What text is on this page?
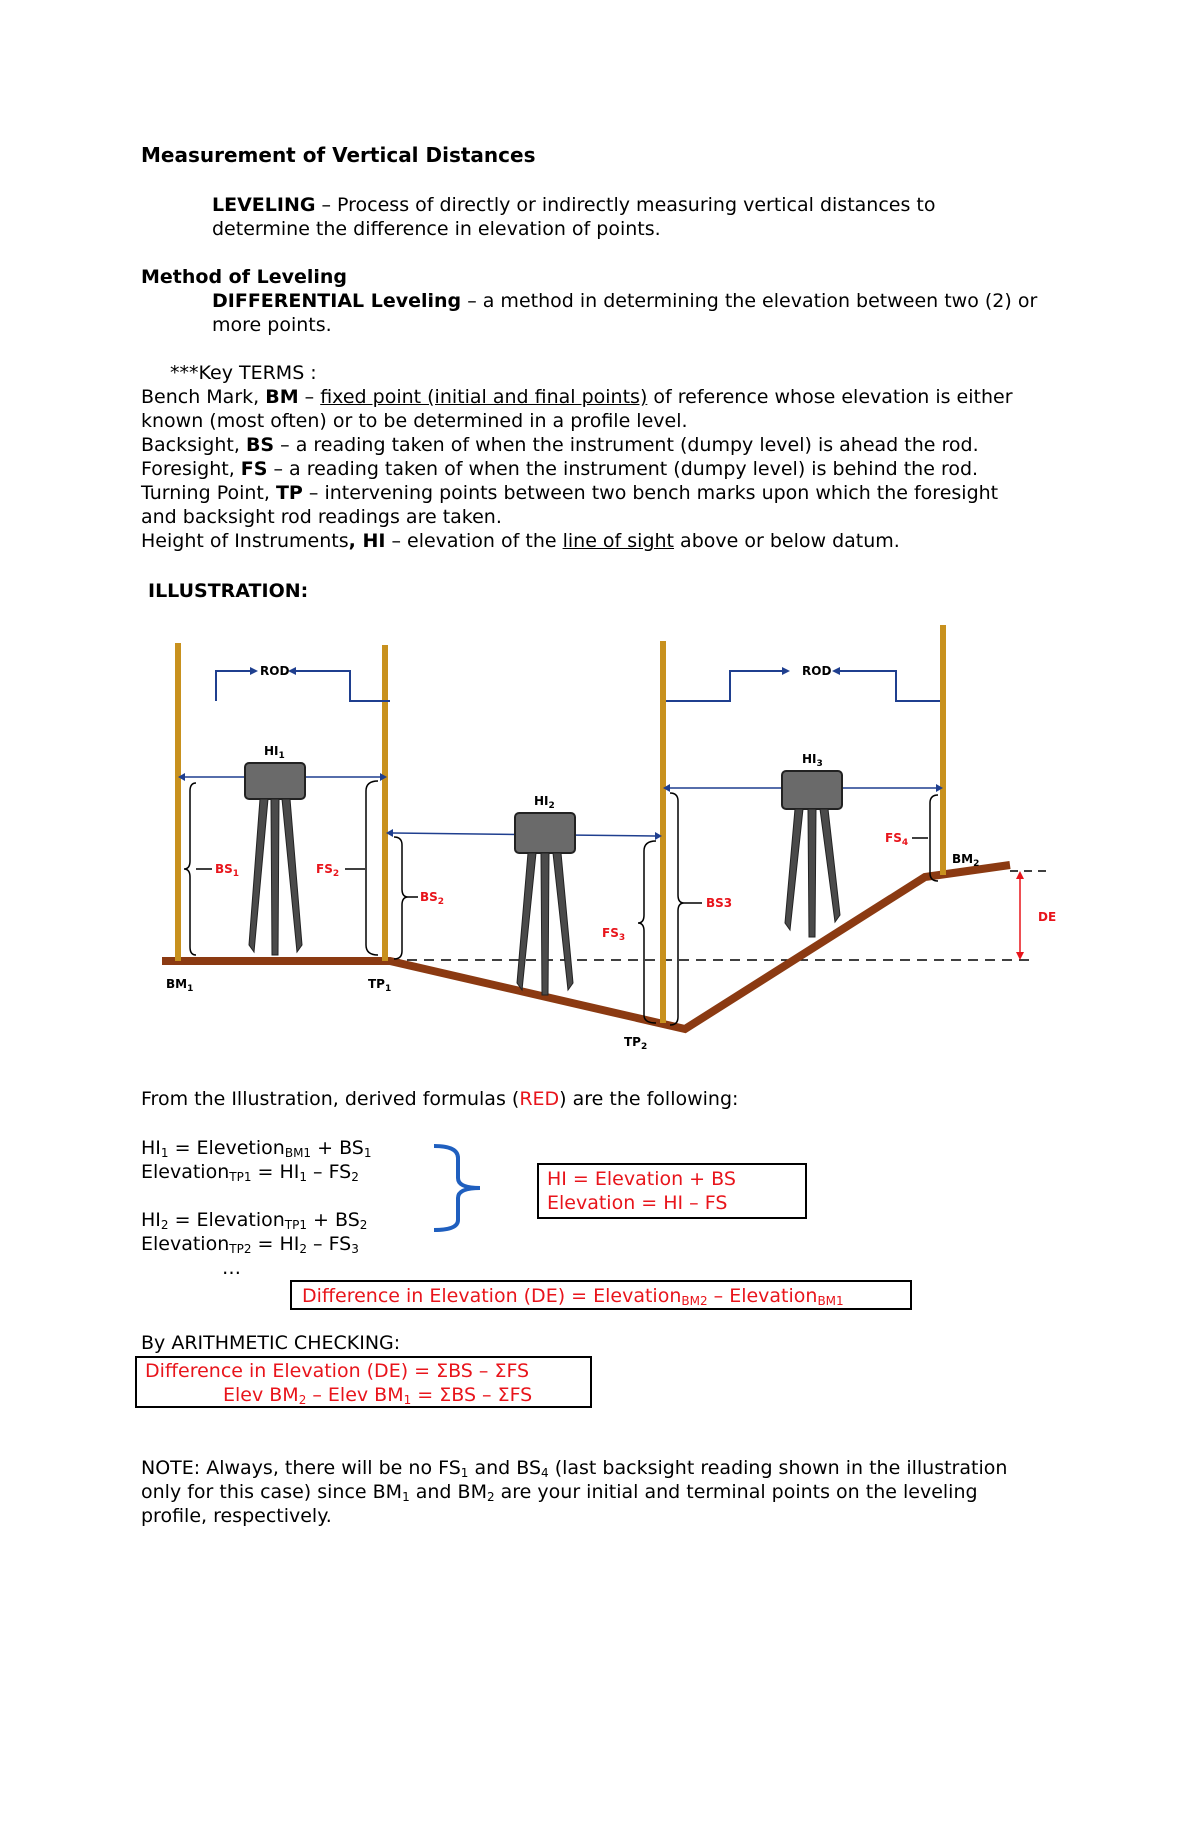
Measurement of Vertical Distances
LEVELING – Process of directly or indirectly measuring vertical distances to
determine the difference in elevation of points.
Method of Leveling
DIFFERENTIAL Leveling – a method in determining the elevation between two (2) or
more points.
***Key TERMS :
Bench Mark, BM – fixed point (initial and final points) of reference whose elevation is either
known (most often) or to be determined in a profile level.
Backsight, BS – a reading taken of when the instrument (dumpy level) is ahead the rod.
Foresight, FS – a reading taken of when the instrument (dumpy level) is behind the rod.
Turning Point, TP – intervening points between two bench marks upon which the foresight
and backsight rod readings are taken.
Height of Instruments, HI – elevation of the line of sight above or below datum.
ILLUSTRATION:
ROD	ROD
$HI_1$
$HI_2$
$HI_3$
$BS_1$	$FS_2$
$BS_2$
$FS_3$
BS3
$FS_4$
DE
$BM_1$	$TP_1$
$TP_2$
$BM_2$
From the Illustration, derived formulas (RED) are the following:
$HI_1$ = Elevetion$_{BM1}$ + $BS_1$
Elevation$_{TP1}$ = $HI_1 - FS_2$
$HI_2$ = Elevation$_{TP1}$ + $BS_2$
Elevation$_{TP2}$ = $HI_2 - FS_3$
…
HI = Elevation + BS
Elevation = HI – FS
Difference in Elevation (DE) = Elevation$_{BM2}$ – Elevation$_{BM1}$
By ARITHMETIC CHECKING:
Difference in Elevation (DE) = ΣBS – ΣFS
Elev $BM_2$ – Elev $BM_1 = \Sigma BS - \Sigma FS$
NOTE: Always, there will be no $FS_1$ and $BS_4$ (last backsight reading shown in the illustration
only for this case) since $BM_1$ and $BM_2$ are your initial and terminal points on the leveling
profile, respectively.
